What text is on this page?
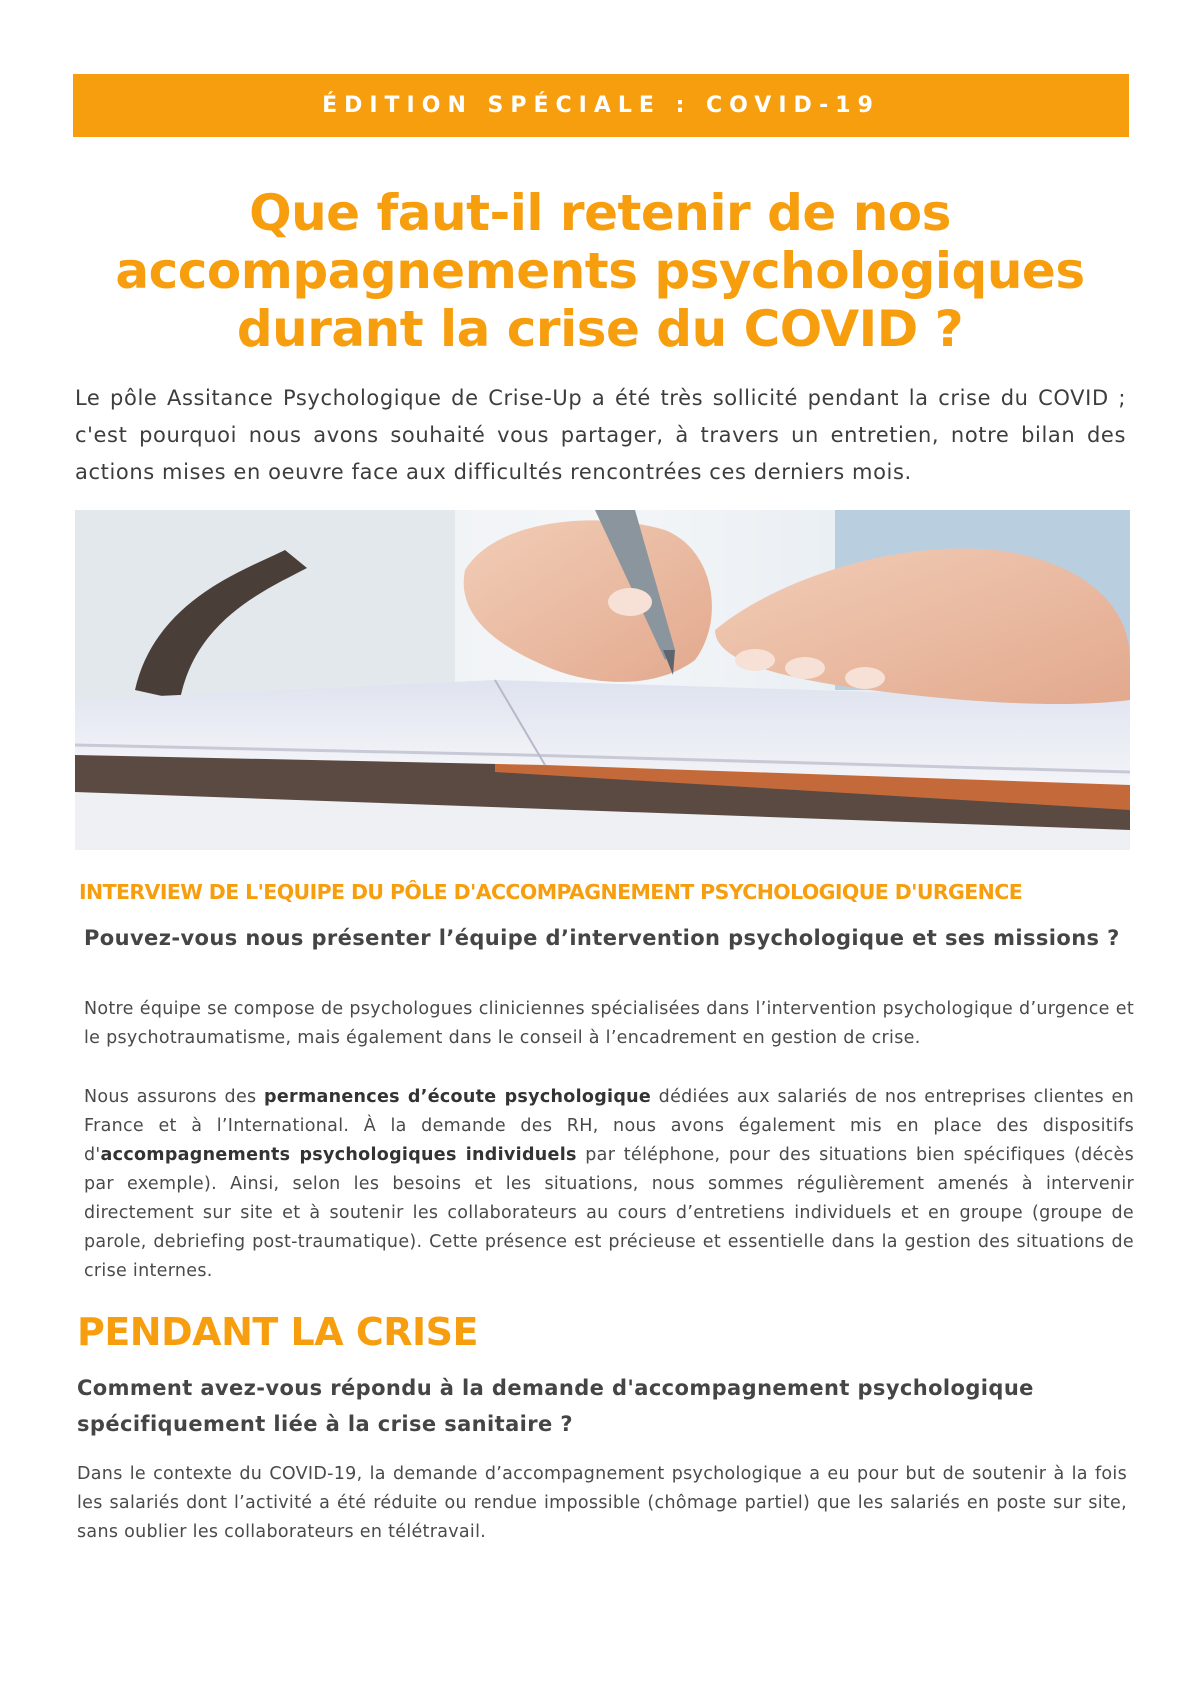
ÉDITION SPÉCIALE : COVID-19
Que faut-il retenir de nos accompagnements psychologiques durant la crise du COVID ?

Le pôle Assitance Psychologique de Crise-Up a été très sollicité pendant la crise du COVID ; c'est pourquoi nous avons souhaité vous partager, à travers un entretien, notre bilan des actions mises en oeuvre face aux difficultés rencontrées ces derniers mois.

INTERVIEW DE L'EQUIPE DU PÔLE D'ACCOMPAGNEMENT PSYCHOLOGIQUE D'URGENCE
Pouvez-vous nous présenter l’équipe d’intervention psychologique et ses missions ?

Notre équipe se compose de psychologues cliniciennes spécialisées dans l’intervention psychologique d’urgence et le psychotraumatisme, mais également dans le conseil à l’encadrement en gestion de crise.

Nous assurons des permanences d’écoute psychologique dédiées aux salariés de nos entreprises clientes en France et à l’International. À la demande des RH, nous avons également mis en place des dispositifs d'accompagnements psychologiques individuels par téléphone, pour des situations bien spécifiques (décès par exemple). Ainsi, selon les besoins et les situations, nous sommes régulièrement amenés à intervenir directement sur site et à soutenir les collaborateurs au cours d’entretiens individuels et en groupe (groupe de parole, debriefing post-traumatique). Cette présence est précieuse et essentielle dans la gestion des situations de crise internes.

PENDANT LA CRISE
Comment avez-vous répondu à la demande d'accompagnement psychologique spécifiquement liée à la crise sanitaire ?

Dans le contexte du COVID-19, la demande d’accompagnement psychologique a eu pour but de soutenir à la fois les salariés dont l’activité a été réduite ou rendue impossible (chômage partiel) que les salariés en poste sur site, sans oublier les collaborateurs en télétravail.
